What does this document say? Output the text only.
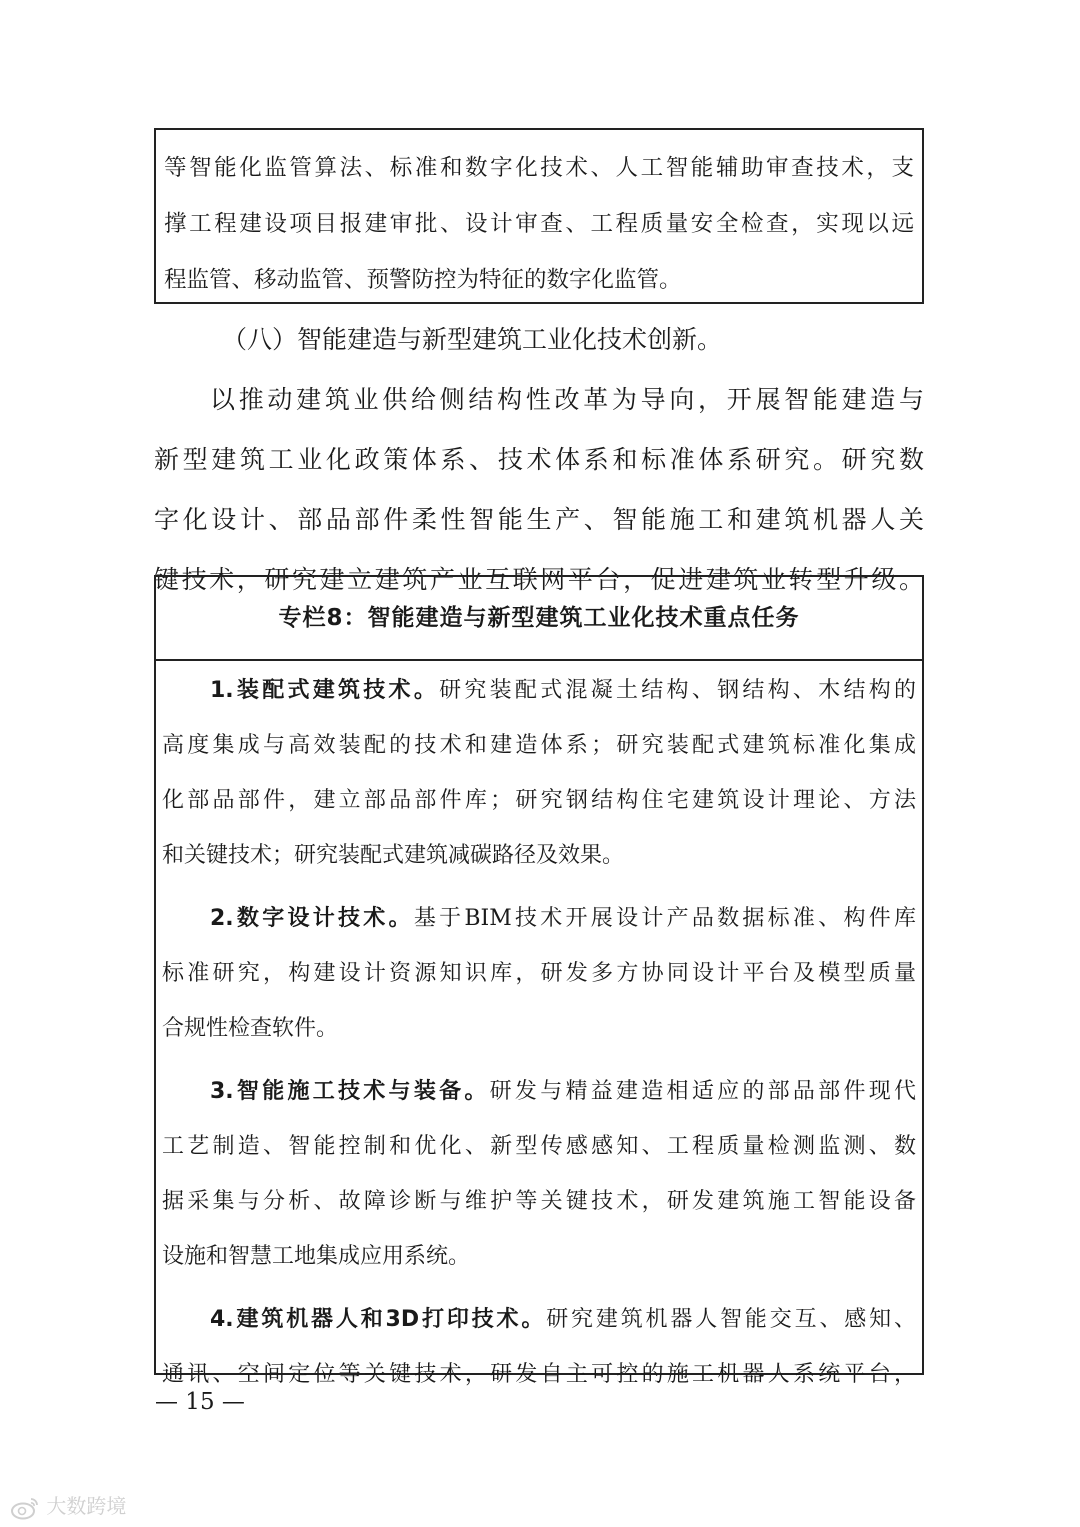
等智能化监管算法、标准和数字化技术、人工智能辅助审查技术，支
撑工程建设项目报建审批、设计审查、工程质量安全检查，实现以远
程监管、移动监管、预警防控为特征的数字化监管。
（八）智能建造与新型建筑工业化技术创新。
以推动建筑业供给侧结构性改革为导向，开展智能建造与
新型建筑工业化政策体系、技术体系和标准体系研究。研究数
字化设计、部品部件柔性智能生产、智能施工和建筑机器人关
键技术，研究建立建筑产业互联网平台，促进建筑业转型升级。
专栏8：智能建造与新型建筑工业化技术重点任务
1.装配式建筑技术。研究装配式混凝土结构、钢结构、木结构的
高度集成与高效装配的技术和建造体系；研究装配式建筑标准化集成
化部品部件，建立部品部件库；研究钢结构住宅建筑设计理论、方法
和关键技术；研究装配式建筑减碳路径及效果。
2.数字设计技术。基于BIM技术开展设计产品数据标准、构件库
标准研究，构建设计资源知识库，研发多方协同设计平台及模型质量
合规性检查软件。
3.智能施工技术与装备。研发与精益建造相适应的部品部件现代
工艺制造、智能控制和优化、新型传感感知、工程质量检测监测、数
据采集与分析、故障诊断与维护等关键技术，研发建筑施工智能设备
设施和智慧工地集成应用系统。
4.建筑机器人和3D打印技术。研究建筑机器人智能交互、感知、
通讯、空间定位等关键技术，研发自主可控的施工机器人系统平台，
— 15 —
大数跨境
